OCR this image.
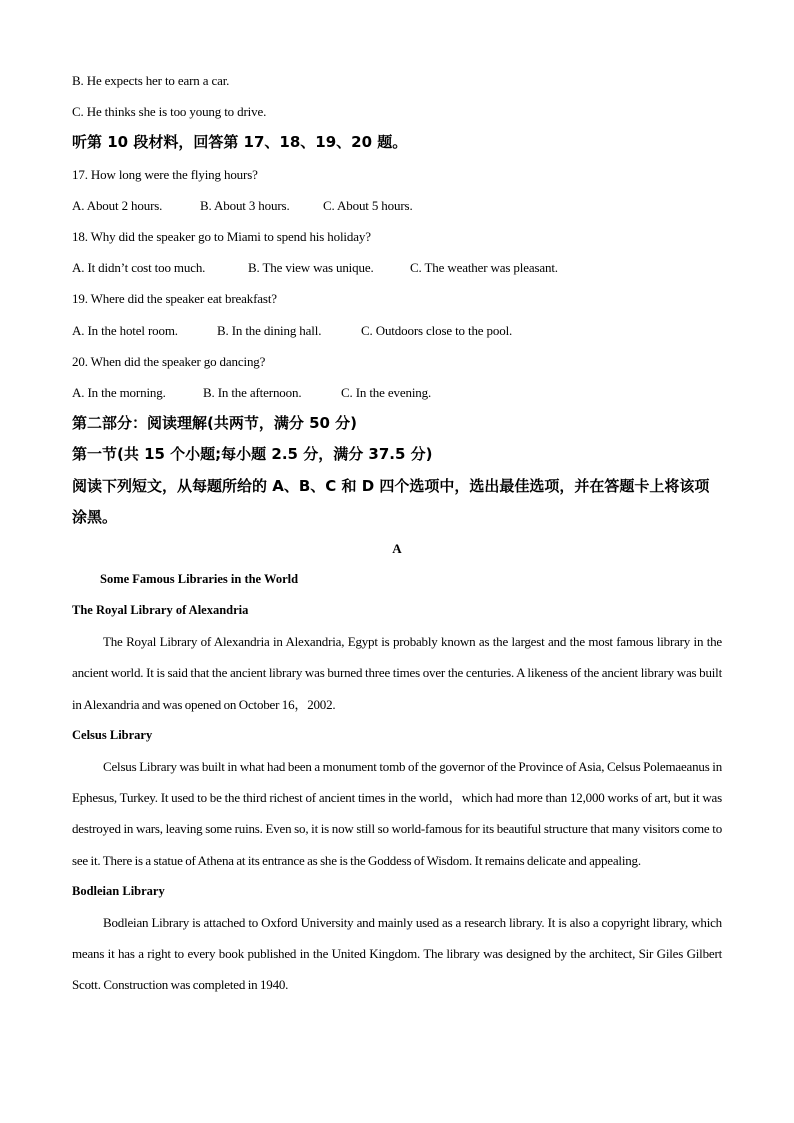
B. He expects her to earn a car.
C. He thinks she is too young to drive.
听第 10 段材料，回答第 17、18、19、20 题。
17. How long were the flying hours?
A. About 2 hours.	B. About 3 hours.	C. About 5 hours.
18. Why did the speaker go to Miami to spend his holiday?
A. It didn’t cost too much.	B. The view was unique.	C. The weather was pleasant.
19. Where did the speaker eat breakfast?
A. In the hotel room.	B. In the dining hall.	C. Outdoors close to the pool.
20. When did the speaker go dancing?
A. In the morning.	B. In the afternoon.	C. In the evening.
第二部分：阅读理解(共两节，满分 50 分)
第一节(共 15 个小题;每小题 2.5 分，满分 37.5 分)
阅读下列短文，从每题所给的 A、B、C 和 D 四个选项中，选出最佳选项，并在答题卡上将该项涂黑。
A
Some Famous Libraries in the World
The Royal Library of Alexandria
The Royal Library of Alexandria in Alexandria, Egypt is probably known as the largest and the most famous library in the ancient world. It is said that the ancient library was burned three times over the centuries. A likeness of the ancient library was built in Alexandria and was opened on October 16，2002.
Celsus Library
Celsus Library was built in what had been a monument tomb of the governor of the Province of Asia, Celsus Polemaeanus in Ephesus, Turkey. It used to be the third richest of ancient times in the world，which had more than 12,000 works of art, but it was destroyed in wars, leaving some ruins. Even so, it is now still so world-famous for its beautiful structure that many visitors come to see it. There is a statue of Athena at its entrance as she is the Goddess of Wisdom. It remains delicate and appealing.
Bodleian Library
Bodleian Library is attached to Oxford University and mainly used as a research library. It is also a copyright library, which means it has a right to every book published in the United Kingdom. The library was designed by the architect, Sir Giles Gilbert Scott. Construction was completed in 1940.
